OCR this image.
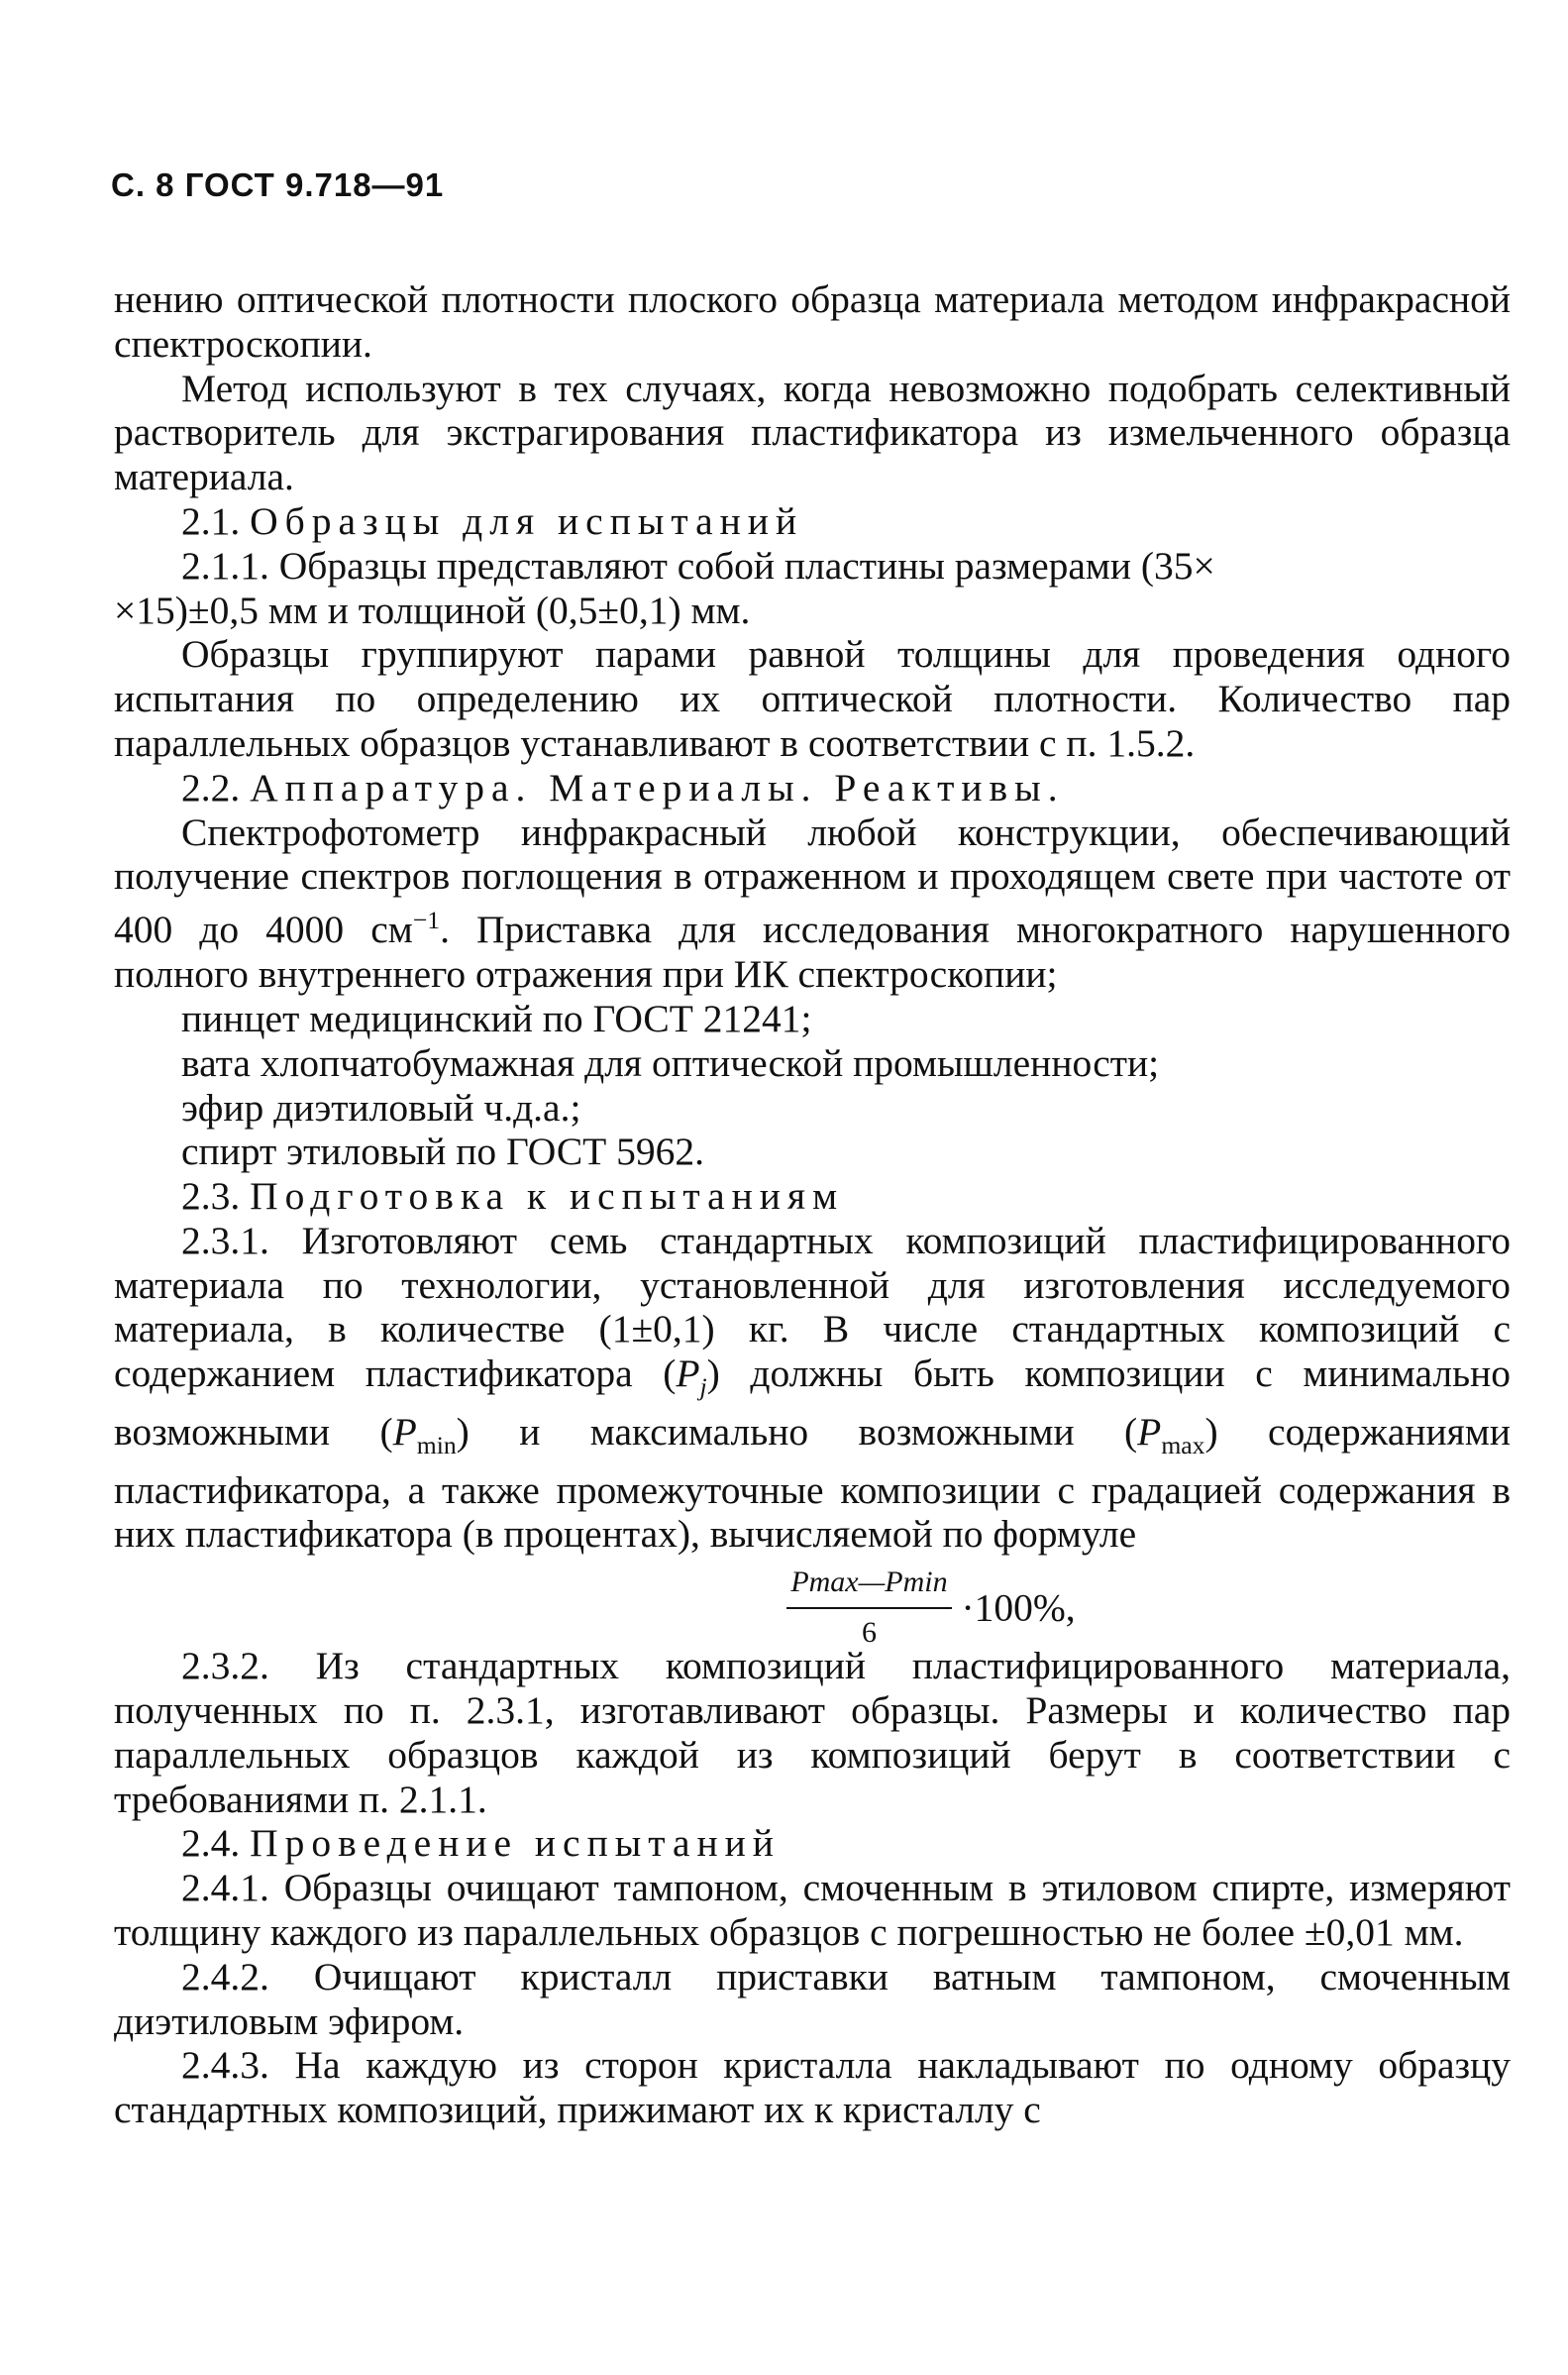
С. 8 ГОСТ 9.718—91

нению оптической плотности плоского образца материала методом инфракрасной спектроскопии.

Метод используют в тех случаях, когда невозможно подобрать селективный растворитель для экстрагирования пластификатора из измельченного образца материала.

2.1. Образцы для испытаний

2.1.1. Образцы представляют собой пластины размерами (35×

×15)±0,5 мм и толщиной (0,5±0,1) мм.

Образцы группируют парами равной толщины для проведения одного испытания по определению их оптической плотности. Количество пар параллельных образцов устанавливают в соответствии с п. 1.5.2.

2.2. Аппаратура. Материалы. Реактивы.

Спектрофотометр инфракрасный любой конструкции, обеспечивающий получение спектров поглощения в отраженном и проходящем свете при частоте от 400 до 4000 $см^{-1}$. Приставка для исследования многократного нарушенного полного внутреннего отражения при ИК спектроскопии;

пинцет медицинский по ГОСТ 21241;

вата хлопчатобумажная для оптической промышленности;

эфир диэтиловый ч.д.а.;

спирт этиловый по ГОСТ 5962.

2.3. Подготовка к испытаниям

2.3.1. Изготовляют семь стандартных композиций пластифицированного материала по технологии, установленной для изготовления исследуемого материала, в количестве (1±0,1) кг. В числе стандартных композиций с содержанием пластификатора $(P_j)$ должны быть композиции с минимально возможными $(P_{min})$ и максимально возможными $(P_{max})$ содержаниями пластификатора, а также промежуточные композиции с градацией содержания в них пластификатора (в процентах), вычисляемой по формуле

$\frac{Pmax—Pmin}{6} \cdot 100\%$,

2.3.2. Из стандартных композиций пластифицированного материала, полученных по п. 2.3.1, изготавливают образцы. Размеры и количество пар параллельных образцов каждой из композиций берут в соответствии с требованиями п. 2.1.1.

2.4. Проведение испытаний

2.4.1. Образцы очищают тампоном, смоченным в этиловом спирте, измеряют толщину каждого из параллельных образцов с погрешностью не более ±0,01 мм.

2.4.2. Очищают кристалл приставки ватным тампоном, смоченным диэтиловым эфиром.

2.4.3. На каждую из сторон кристалла накладывают по одному образцу стандартных композиций, прижимают их к кристаллу с
